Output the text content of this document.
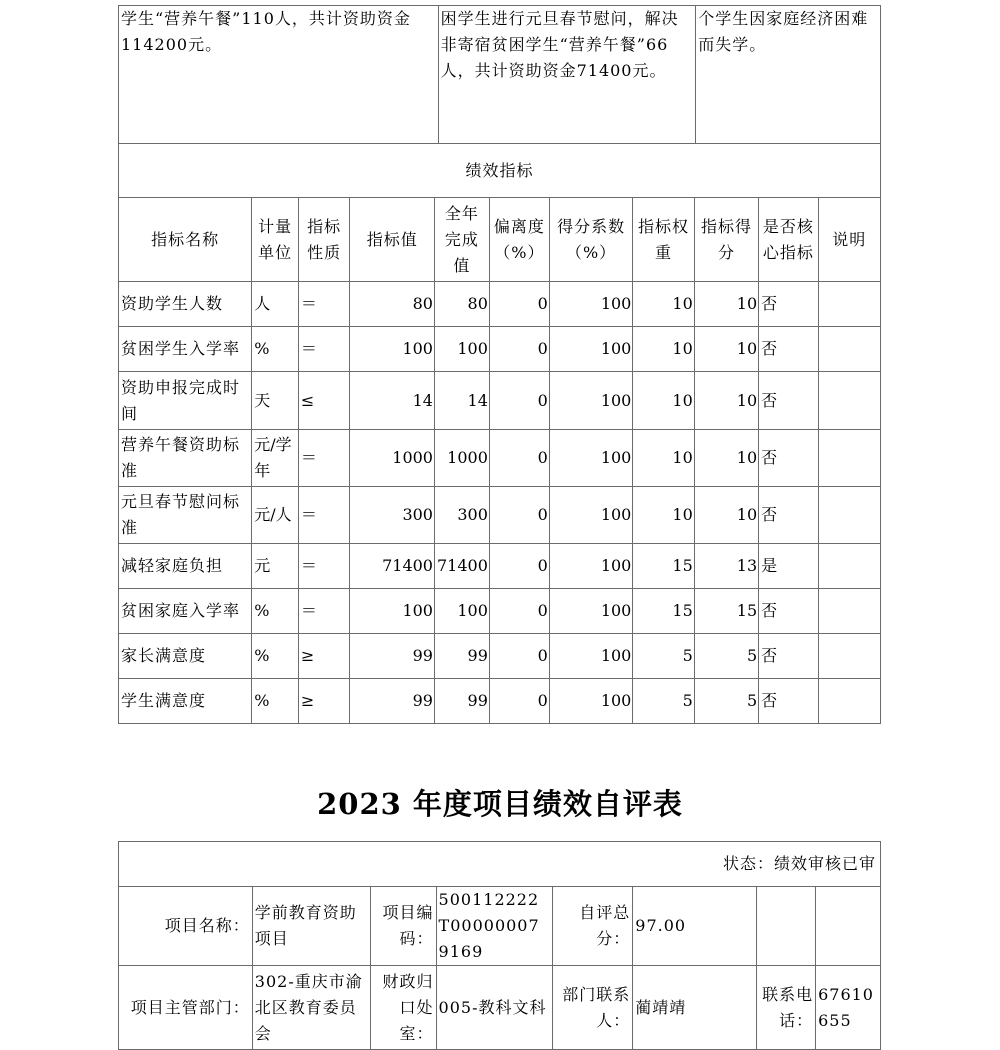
学生“营养午餐”110人，共计资助资金114200元。	困学生进行元旦春节慰问，解决非寄宿贫困学生“营养午餐”66人，共计资助资金71400元。	个学生因家庭经济困难而失学。
绩效指标										
指标名称	计量单位	指标性质	指标值	全年完成值	偏离度（%）	得分系数（%）	指标权重	指标得分	是否核心指标	说明
资助学生人数	人	＝	80	80	0	100	10	10	否	
贫困学生入学率	%	＝	100	100	0	100	10	10	否	
资助申报完成时间	天	≤	14	14	0	100	10	10	否	
营养午餐资助标准	元/学年	＝	1000	1000	0	100	10	10	否	
元旦春节慰问标准	元/人	＝	300	300	0	100	10	10	否	
减轻家庭负担	元	＝	71400	71400	0	100	15	13	是	
贫困家庭入学率	%	＝	100	100	0	100	15	15	否	
家长满意度	%	≥	99	99	0	100	5	5	否	
学生满意度	%	≥	99	99	0	100	5	5	否	
2023 年度项目绩效自评表
状态：绩效审核已审							
项目名称：	学前教育资助项目	项目编码：	500112222T000000079169	自评总分：	97.00		
项目主管部门：	302-重庆市渝北区教育委员会	财政归口处室：	005-教科文科	部门联系人：	蔺靖靖	联系电话：	67610655
